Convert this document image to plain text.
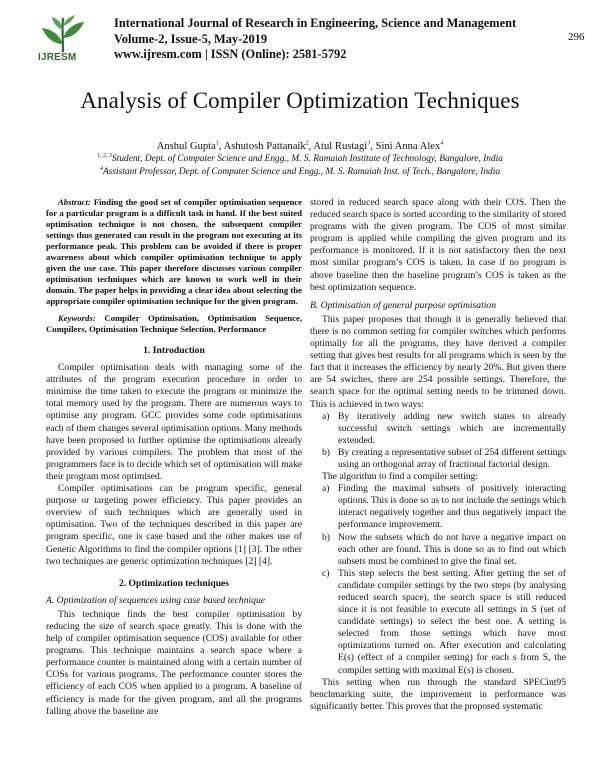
IJRESM
International Journal of Research in Engineering, Science and Management
Volume-2, Issue-5, May-2019
www.ijresm.com | ISSN (Online): 2581-5792
296
Analysis of Compiler Optimization Techniques
Anshul Gupta$^1$, Ashutosh Pattanaik$^2$, Atul Rustagi$^3$, Sini Anna Alex$^4$
$^{1, 2, 3}$Student, Dept. of Computer Science and Engg., M. S. Ramaiah Institute of Technology, Bangalore, India
$^4$Assistant Professor, Dept. of Computer Science and Engg., M. S. Ramaiah Inst. of Tech., Bangalore, India

Abstract: Finding the good set of compiler optimisation sequence for a particular program is a difficult task in hand. If the best suited optimisation technique is not chosen, the subsequent compiler settings thus generated can result in the program not executing at its performance peak. This problem can be avoided if there is proper awareness about which compiler optimisation technique to apply given the use case. This paper therefore discusses various compiler optimisation techniques which are known to work well in their domain. The paper helps in providing a clear idea about selecting the appropriate compiler optimisation technique for the given program.

Keywords: Compiler Optimisation, Optimisation Sequence, Compilers, Optimisation Technique Selection, Performance

1. Introduction

Compiler optimisation deals with managing some of the attributes of the program execution procedure in order to minimise the time taken to execute the program or minimize the total memory used by the program. There are numerous ways to optimise any program. GCC provides some code optimisations each of them changes several optimisation options. Many methods have been proposed to further optimise the optimisations already provided by various compilers. The problem that most of the programmers face is to decide which set of optimisation will make their program most optimised.

Compiler optimisations can be program specific, general purpose or targeting power efficiency. This paper provides an overview of such techniques which are generally used in optimisation. Two of the techniques described in this paper are program specific, one is case based and the other makes use of Genetic Algorithms to find the compiler options [1] [3]. The other two techniques are generic optimization techniques [2] [4].

2. Optimization techniques
A. Optimization of sequences using case based technique

This technique finds the best compiler optimisation by reducing the size of search space greatly. This is done with the help of compiler optimisation sequence (COS) available for other programs. This technique maintains a search space where a performance counter is maintained along with a certain number of COSs for various programs. The performance counter stores the efficiency of each COS when applied to a program. A baseline of efficiency is made for the given program, and all the programs falling above the baseline are

stored in reduced search space along with their COS. Then the reduced search space is sorted according to the similarity of stored programs with the given program. The COS of most similar program is applied while compiling the given program and its performance is monitored. If it is not satisfactory then the next most similar program’s COS is taken. In case if no program is above baseline then the baseline program’s COS is taken as the best optimization sequence.

B. Optimisation of general purpose optimisation

This paper proposes that though it is generally believed that there is no common setting for compiler switches which performs optimally for all the programs, they have derived a compiler setting that gives best results for all programs which is seen by the fact that it increases the efficiency by nearly 20%. But given there are 54 swiches, there are 254 possible settings. Therefore, the search space for the optimal setting needs to be trimmed down. This is achieved in two ways:

a) By iteratively adding new switch states to already successful switch settings which are incrementally extended.
b) By creating a representative subset of 254 different settings using an orthogonal array of fractional factorial design.

The algorithm to find a compiler setting:

a) Finding the maximal subsets of positively interacting options. This is done so as to not include the settings which interact negatively together and thus negatively impact the performance improvement.
b) Now the subsets which do not have a negative impact on each other are found. This is done so as to find out which subsets must be combined to give the final set.
c) This step selects the best setting. After getting the set of candidate compiler settings by the two steps (by analysing reduced search space), the search space is still reduced since it is not feasible to execute all settings in S (set of candidate settings) to select the best one. A setting is selected from those settings which have most optimizations turned on. After execution and calculating E(s) (effect of a compiler setting) for each s from S, the compiler setting with maximal E(s) is chosen.

This setting when run through the standard SPECint95 benchmarking suite, the improvement in performance was significantly better. This proves that the proposed systematic
